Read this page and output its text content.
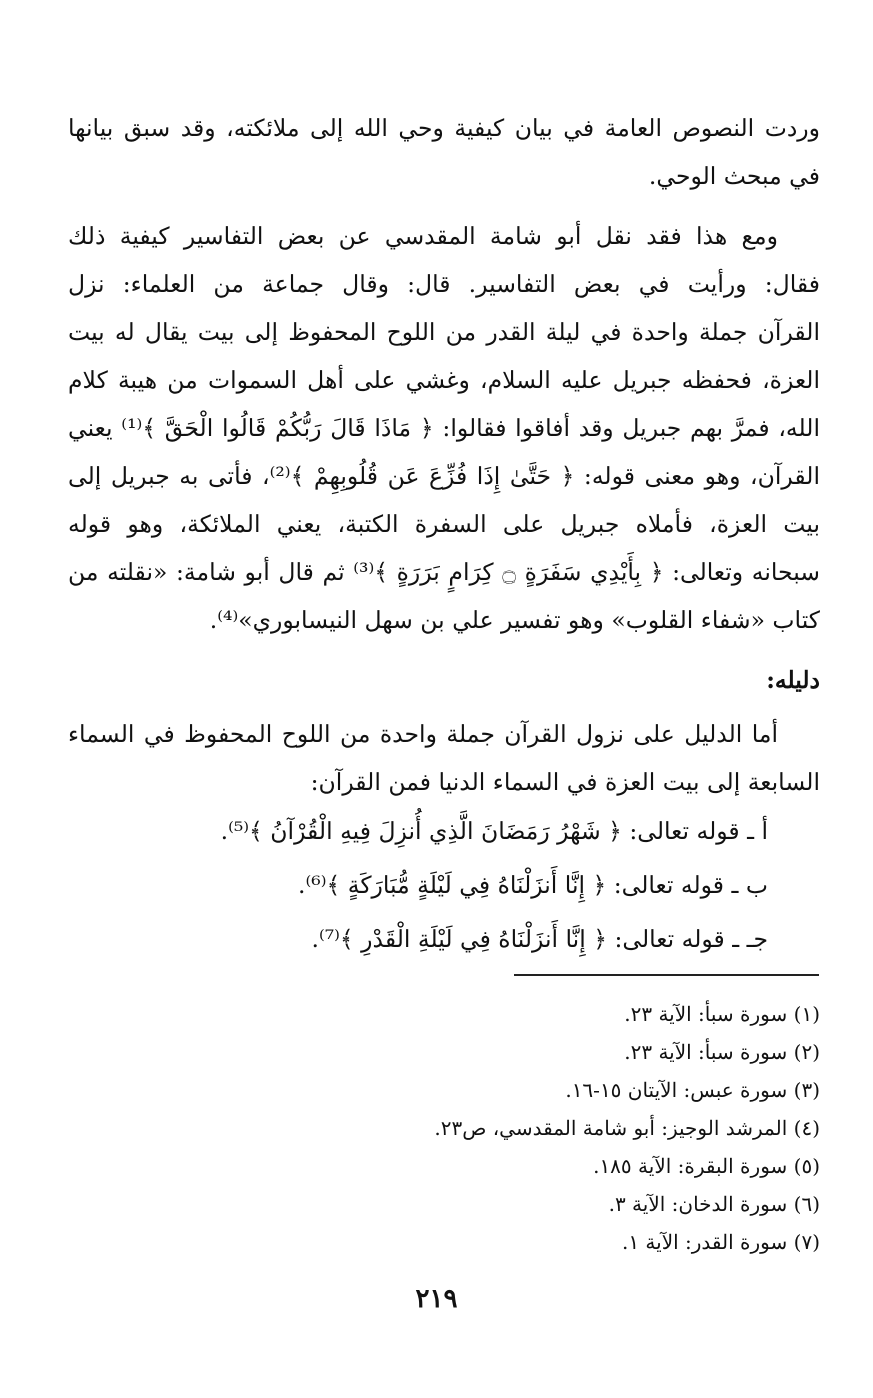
وردت النصوص العامة في بيان كيفية وحي الله إلى ملائكته، وقد سبق بيانها
في مبحث الوحي.
ومع هذا فقد نقل أبو شامة المقدسي عن بعض التفاسير كيفية ذلك
فقال: ورأيت في بعض التفاسير. قال: وقال جماعة من العلماء: نزل
القرآن جملة واحدة في ليلة القدر من اللوح المحفوظ إلى بيت يقال له بيت
العزة، فحفظه جبريل عليه السلام، وغشي على أهل السموات من هيبة كلام
الله، فمرَّ بهم جبريل وقد أفاقوا فقالوا: ﴿ مَاذَا قَالَ رَبُّكُمْ قَالُوا الْحَقَّ ﴾⁽¹⁾ يعني
القرآن، وهو معنى قوله: ﴿ حَتَّىٰ إِذَا فُزِّعَ عَن قُلُوبِهِمْ ﴾⁽²⁾، فأتى به جبريل إلى
بيت العزة، فأملاه جبريل على السفرة الكتبة، يعني الملائكة، وهو قوله
سبحانه وتعالى: ﴿ بِأَيْدِي سَفَرَةٍ ۝ كِرَامٍ بَرَرَةٍ ﴾⁽³⁾ ثم قال أبو شامة: «نقلته من
كتاب «شفاء القلوب» وهو تفسير علي بن سهل النيسابوري»⁽⁴⁾.
دليله:
أما الدليل على نزول القرآن جملة واحدة من اللوح المحفوظ في السماء
السابعة إلى بيت العزة في السماء الدنيا فمن القرآن:
أ ـ قوله تعالى: ﴿ شَهْرُ رَمَضَانَ الَّذِي أُنزِلَ فِيهِ الْقُرْآنُ ﴾⁽⁵⁾.
ب ـ قوله تعالى: ﴿ إِنَّا أَنزَلْنَاهُ فِي لَيْلَةٍ مُّبَارَكَةٍ ﴾⁽⁶⁾.
جـ ـ قوله تعالى: ﴿ إِنَّا أَنزَلْنَاهُ فِي لَيْلَةِ الْقَدْرِ ﴾⁽⁷⁾.
(١) سورة سبأ: الآية ٢٣.
(٢) سورة سبأ: الآية ٢٣.
(٣) سورة عبس: الآيتان ١٥-١٦.
(٤) المرشد الوجيز: أبو شامة المقدسي، ص٢٣.
(٥) سورة البقرة: الآية ١٨٥.
(٦) سورة الدخان: الآية ٣.
(٧) سورة القدر: الآية ١.
٢١٩
